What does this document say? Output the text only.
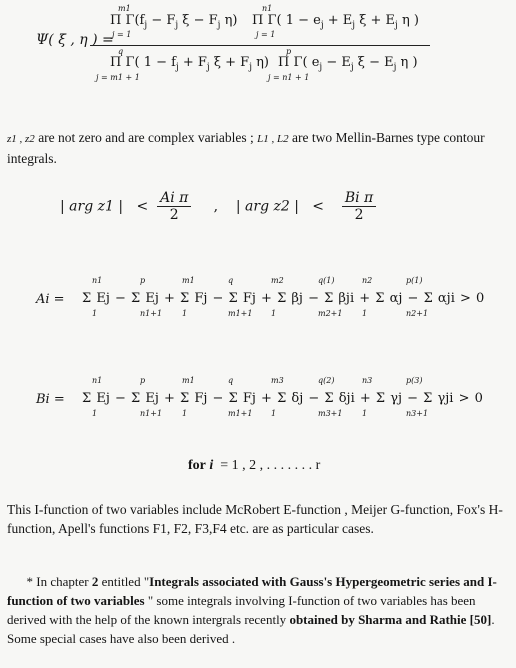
Ψ( ξ , η ) =
m1
Π $\Gamma(f_j - F_j$ $\xi - F_j$ η)
j = 1
n1
Π Γ( $1 - e_j + E_j$ $\xi + E_j$ η )
j = 1
q
Π Γ( $1 - f_j + F_j$ $\xi + F_j$ η)
j = m1 + 1
p
Π Γ( $e_j - E_j$ $\xi - E_j$ η )
j = n1 + 1
z1 , z2 are not zero and are complex variables ; L1 , L2 are two Mellin-Barnes type contour integrals.
| arg z1 | < $\frac{\text{Ai π}}{2}$ , | arg z2 | < $\frac{\text{Bi π}}{2}$
Ai = Σ Ej − Σ Ej + Σ Fj − Σ Fj + Σ βj − Σ βji + Σ αj − Σ αji > 0
n1	p	m1	q	m2	q(1)	n2	p(1)
1	n1+1 1	m1+1 1	m2+1 1	n2+1
Bi = Σ Ej − Σ Ej + Σ Fj − Σ Fj + Σ δj − Σ δji + Σ γj − Σ γji > 0
n1	p	m1	q	m3	q(2)	n3	p(3)
1	n1+1 1	m1+1 1	m3+1 1	n3+1
for i = 1 , 2 , . . . . . . . r
This I-function of two variables include McRobert E-function , Meijer G-function, Fox's H-function, Apell's functions F1, F2, F3,F4 etc. are as particular cases.
* In chapter 2 entitled "Integrals associated with Gauss's Hypergeometric series and I-function of two variables " some integrals involving I-function of two variables has been derived with the help of the known intergrals recently obtained by Sharma and Rathie [50]. Some special cases have also been derived .
